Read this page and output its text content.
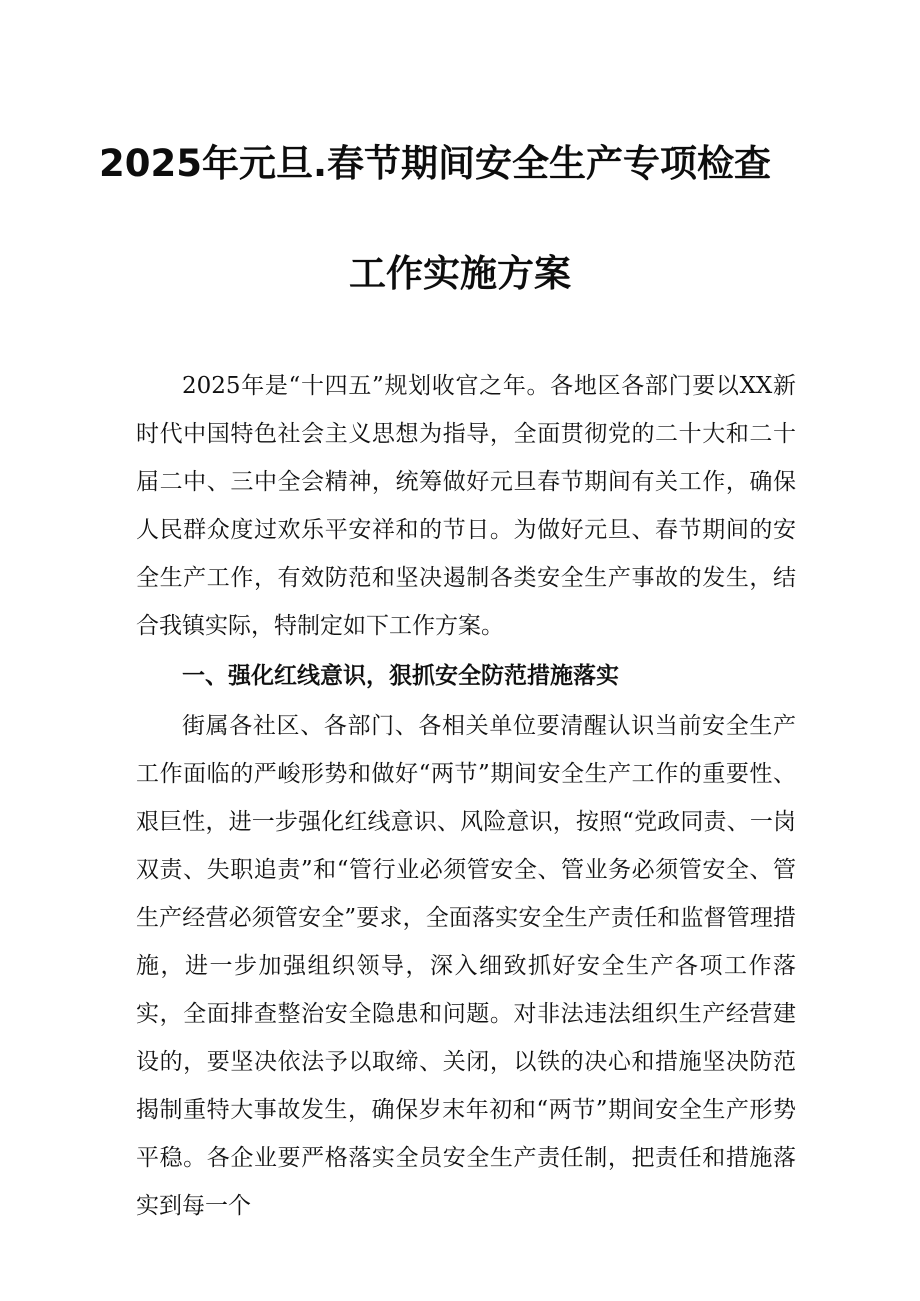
2025年元旦.春节期间安全生产专项检查
工作实施方案

2025年是“十四五”规划收官之年。各地区各部门要以XX新时代中国特色社会主义思想为指导，全面贯彻党的二十大和二十届二中、三中全会精神，统筹做好元旦春节期间有关工作，确保人民群众度过欢乐平安祥和的节日。为做好元旦、春节期间的安全生产工作，有效防范和坚决遏制各类安全生产事故的发生，结合我镇实际，特制定如下工作方案。

一、强化红线意识，狠抓安全防范措施落实

街属各社区、各部门、各相关单位要清醒认识当前安全生产工作面临的严峻形势和做好“两节”期间安全生产工作的重要性、艰巨性，进一步强化红线意识、风险意识，按照“党政同责、一岗双责、失职追责”和“管行业必须管安全、管业务必须管安全、管生产经营必须管安全”要求，全面落实安全生产责任和监督管理措施，进一步加强组织领导，深入细致抓好安全生产各项工作落实，全面排查整治安全隐患和问题。对非法违法组织生产经营建设的，要坚决依法予以取缔、关闭，以铁的决心和措施坚决防范揭制重特大事故发生，确保岁末年初和“两节”期间安全生产形势平稳。各企业要严格落实全员安全生产责任制，把责任和措施落实到每一个
